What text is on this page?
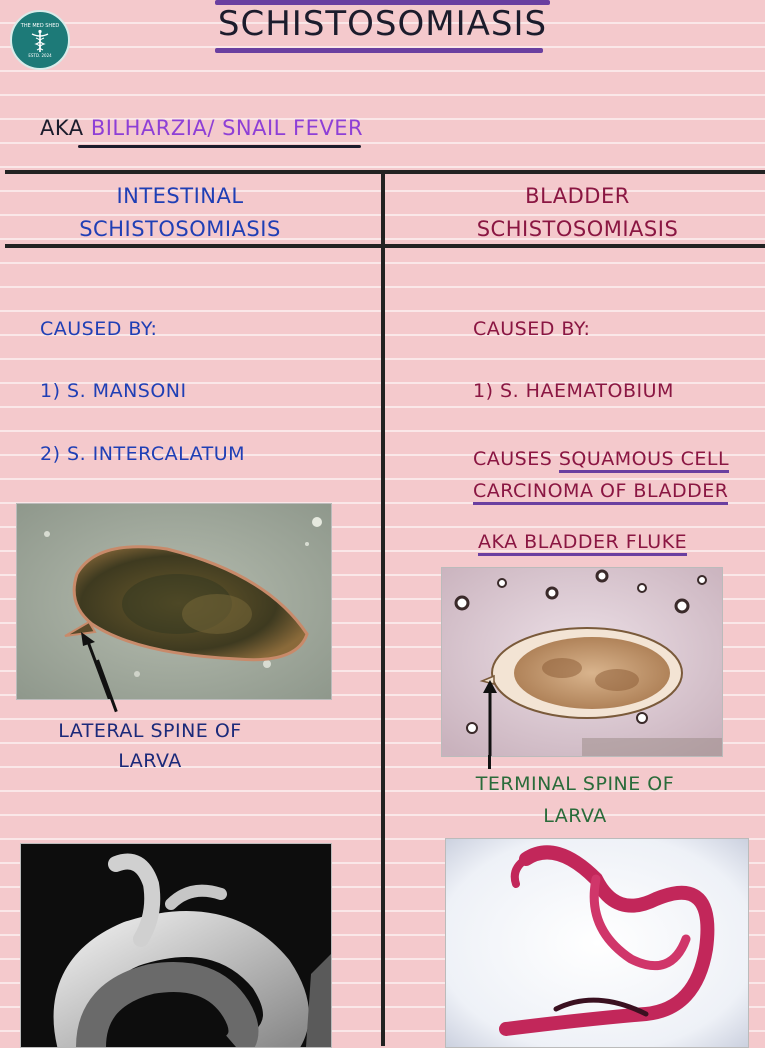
SCHISTOSOMIASIS
THE MED SHED
ESTD. 2024
AKA BILHARZIA/ SNAIL FEVER
INTESTINAL
SCHISTOSOMIASIS
BLADDER
SCHISTOSOMIASIS
CAUSED BY:
1) S. MANSONI
2) S. INTERCALATUM
LATERAL SPINE OF
LARVA
CAUSED BY:
1) S. HAEMATOBIUM
CAUSES SQUAMOUS CELL
CARCINOMA OF BLADDER
AKA BLADDER FLUKE
TERMINAL SPINE OF
LARVA
